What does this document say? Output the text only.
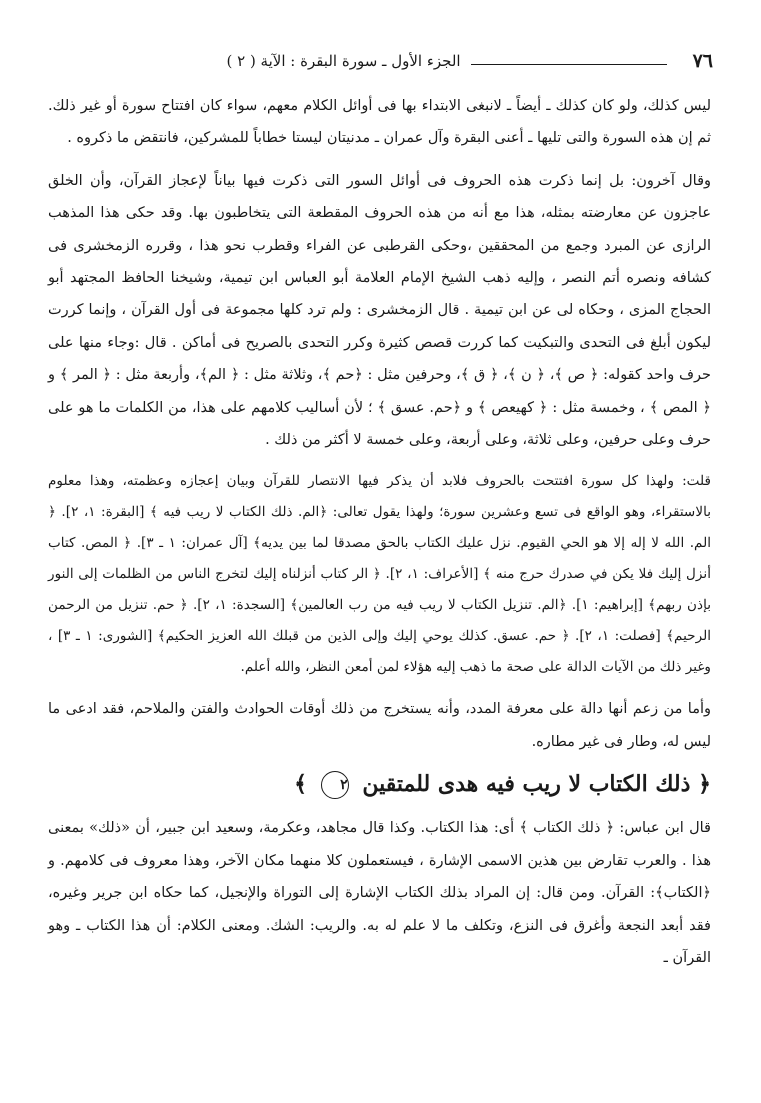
٧٦
الجزء الأول ـ سورة البقرة : الآية ( ٢ )

ليس كذلك، ولو كان كذلك ـ أيضاً ـ لانبغى الابتداء بها فى أوائل الكلام معهم، سواء كان افتتاح سورة أو غير ذلك. ثم إن هذه السورة والتى تليها ـ أعنى البقرة وآل عمران ـ مدنيتان ليستا خطاباً للمشركين، فانتقض ما ذكروه .

وقال آخرون: بل إنما ذكرت هذه الحروف فى أوائل السور التى ذكرت فيها بياناً لإعجاز القرآن، وأن الخلق عاجزون عن معارضته بمثله، هذا مع أنه من هذه الحروف المقطعة التى يتخاطبون بها. وقد حكى هذا المذهب الرازى عن المبرد وجمع من المحققين ،وحكى القرطبى عن الفراء وقطرب نحو هذا ، وقرره الزمخشرى فى كشافه ونصره أتم النصر ، وإليه ذهب الشيخ الإمام العلامة أبو العباس ابن تيمية، وشيخنا الحافظ المجتهد أبو الحجاج المزى ، وحكاه لى عن ابن تيمية . قال الزمخشرى : ولم ترد كلها مجموعة فى أول القرآن ، وإنما كررت ليكون أبلغ فى التحدى والتبكيت كما كررت قصص كثيرة وكرر التحدى بالصريح فى أماكن . قال :وجاء منها على حرف واحد كقوله: ﴿ ص ﴾، ﴿ ن ﴾، ﴿ ق ﴾، وحرفين مثل : ﴿حم ﴾، وثلاثة مثل : ﴿ الم﴾، وأربعة مثل : ﴿ المر ﴾ و ﴿ المص ﴾ ، وخمسة مثل : ﴿ كهيعص ﴾ و ﴿حم. عسق ﴾ ؛ لأن أساليب كلامهم على هذا، من الكلمات ما هو على حرف وعلى حرفين، وعلى ثلاثة، وعلى أربعة، وعلى خمسة لا أكثر من ذلك .

قلت: ولهذا كل سورة افتتحت بالحروف فلابد أن يذكر فيها الانتصار للقرآن وبيان إعجازه وعظمته، وهذا معلوم بالاستقراء، وهو الواقع فى تسع وعشرين سورة؛ ولهذا يقول تعالى: ﴿الم. ذلك الكتاب لا ريب فيه ﴾ [البقرة: ١، ٢]. ﴿ الم. الله لا إله إلا هو الحي القيوم. نزل عليك الكتاب بالحق مصدقا لما بين يديه﴾ [آل عمران: ١ ـ ٣]. ﴿ المص. كتاب أنزل إليك فلا يكن في صدرك حرج منه ﴾ [الأعراف: ١، ٢]. ﴿ الر كتاب أنزلناه إليك لتخرج الناس من الظلمات إلى النور بإذن ربهم﴾ [إبراهيم: ١]. ﴿الم. تنزيل الكتاب لا ريب فيه من رب العالمين﴾ [السجدة: ١، ٢]. ﴿ حم. تنزيل من الرحمن الرحيم﴾ [فصلت: ١، ٢]. ﴿ حم. عسق. كذلك يوحي إليك وإلى الذين من قبلك الله العزيز الحكيم﴾ [الشورى: ١ ـ ٣] ، وغير ذلك من الآيات الدالة على صحة ما ذهب إليه هؤلاء لمن أمعن النظر، والله أعلم.

وأما من زعم أنها دالة على معرفة المدد، وأنه يستخرج من ذلك أوقات الحوادث والفتن والملاحم، فقد ادعى ما ليس له، وطار فى غير مطاره.

﴿ ذلك الكتاب لا ريب فيه هدى للمتقين ٢ ﴾

قال ابن عباس: ﴿ ذلك الكتاب ﴾ أى: هذا الكتاب. وكذا قال مجاهد، وعكرمة، وسعيد ابن جبير، أن «ذلك» بمعنى هذا . والعرب تقارض بين هذين الاسمى الإشارة ، فيستعملون كلا منهما مكان الآخر، وهذا معروف فى كلامهم. و ﴿الكتاب﴾: القرآن. ومن قال: إن المراد بذلك الكتاب الإشارة إلى التوراة والإنجيل، كما حكاه ابن جرير وغيره، فقد أبعد النجعة وأغرق فى النزع، وتكلف ما لا علم له به. والريب: الشك. ومعنى الكلام: أن هذا الكتاب ـ وهو القرآن ـ
